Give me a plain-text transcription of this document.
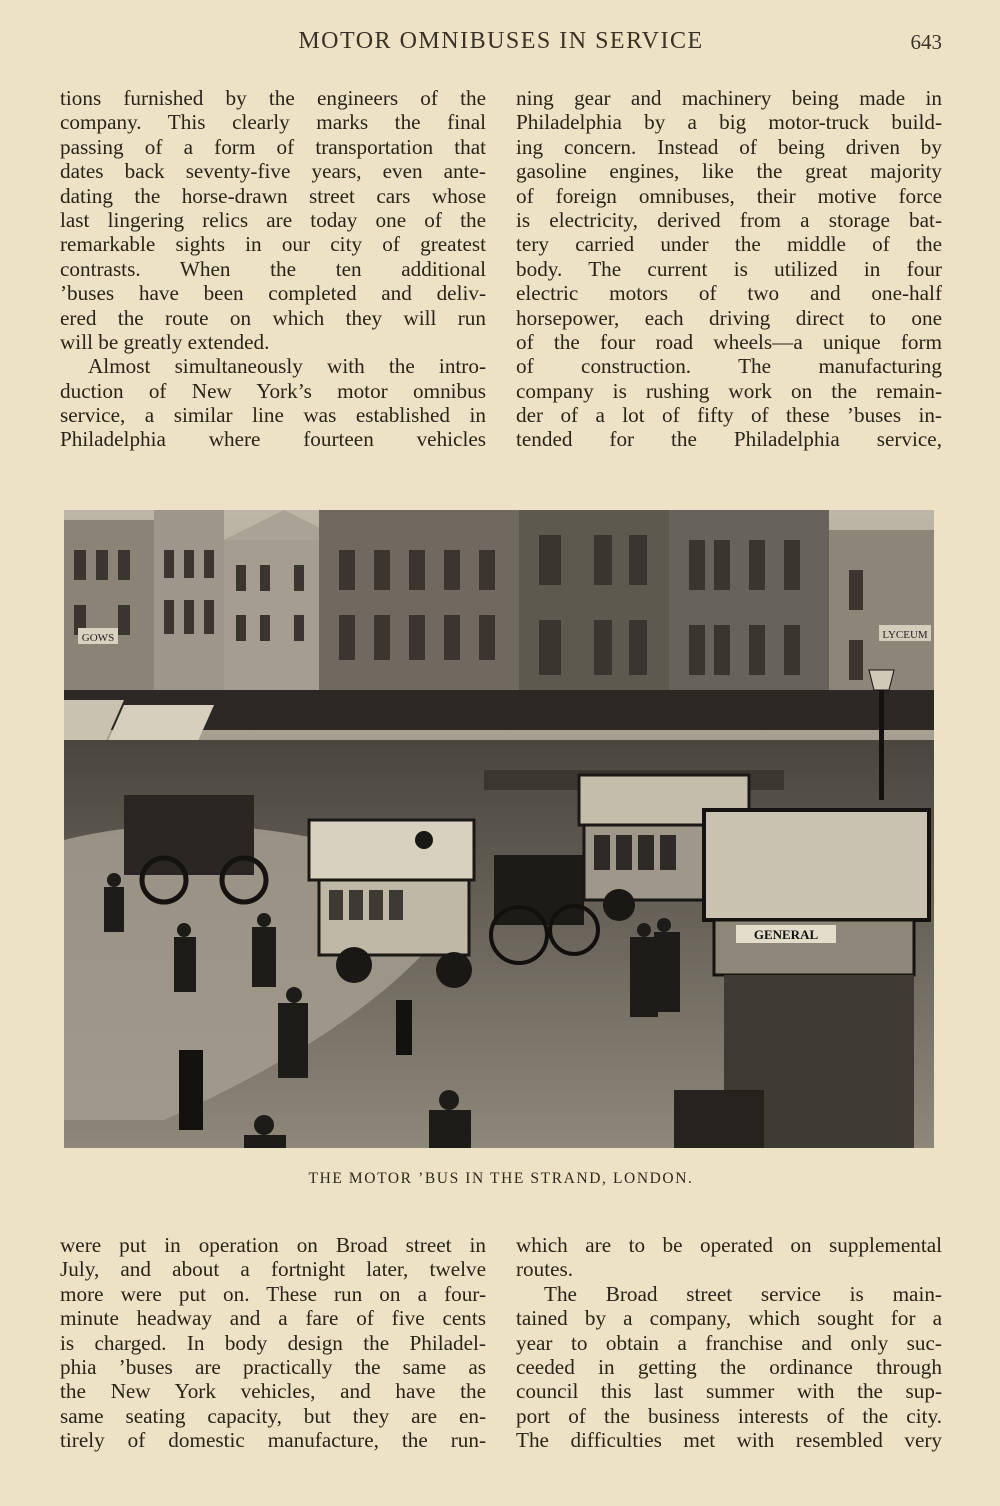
MOTOR OMNIBUSES IN SERVICE	643
tions furnished by the engineers of the
company. This clearly marks the final
passing of a form of transportation that
dates back seventy-five years, even ante-
dating the horse-drawn street cars whose
last lingering relics are today one of the
remarkable sights in our city of greatest
contrasts. When the ten additional
’buses have been completed and deliv-
ered the route on which they will run
will be greatly extended.
Almost simultaneously with the intro-
duction of New York’s motor omnibus
service, a similar line was established in
Philadelphia where fourteen vehicles
ning gear and machinery being made in
Philadelphia by a big motor-truck build-
ing concern. Instead of being driven by
gasoline engines, like the great majority
of foreign omnibuses, their motive force
is electricity, derived from a storage bat-
tery carried under the middle of the
body. The current is utilized in four
electric motors of two and one-half
horsepower, each driving direct to one
of the four road wheels—a unique form
of construction. The manufacturing
company is rushing work on the remain-
der of a lot of fifty of these ’buses in-
tended for the Philadelphia service,
GOWS	LYCEUM
GENERAL
THE MOTOR ’BUS IN THE STRAND, LONDON.
were put in operation on Broad street in
July, and about a fortnight later, twelve
more were put on. These run on a four-
minute headway and a fare of five cents
is charged. In body design the Philadel-
phia ’buses are practically the same as
the New York vehicles, and have the
same seating capacity, but they are en-
tirely of domestic manufacture, the run-
which are to be operated on supplemental
routes.
The Broad street service is main-
tained by a company, which sought for a
year to obtain a franchise and only suc-
ceeded in getting the ordinance through
council this last summer with the sup-
port of the business interests of the city.
The difficulties met with resembled very
